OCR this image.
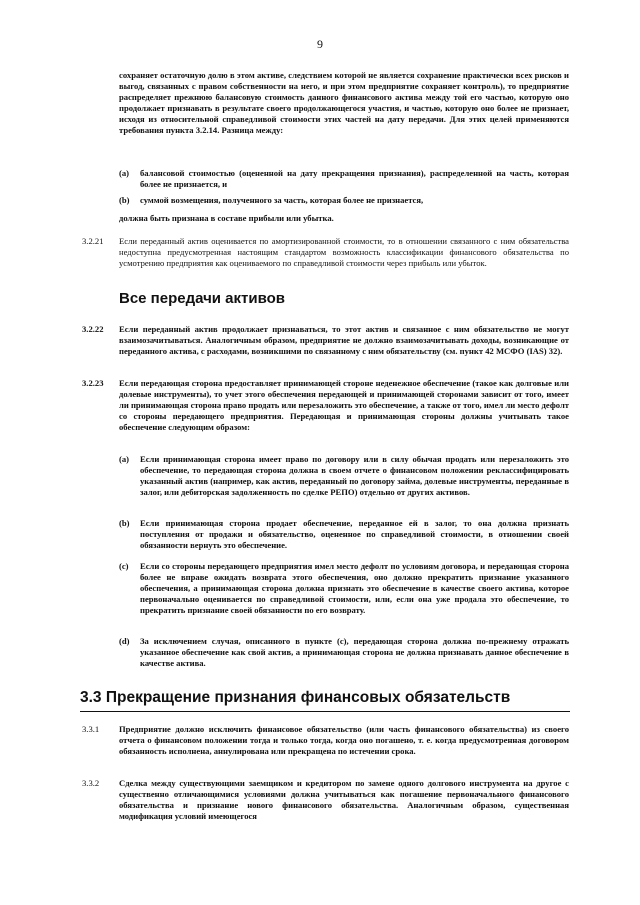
9
сохраняет остаточную долю в этом активе, следствием которой не является сохранение практически всех рисков и выгод, связанных с правом собственности на него, и при этом предприятие сохраняет контроль), то предприятие распределяет прежнюю балансовую стоимость данного финансового актива между той его частью, которую оно продолжает признавать в результате своего продолжающегося участия, и частью, которую оно более не признает, исходя из относительной справедливой стоимости этих частей на дату передачи. Для этих целей применяются требования пункта 3.2.14. Разница между:
(a) балансовой стоимостью (оцененной на дату прекращения признания), распределенной на часть, которая более не признается, и
(b) суммой возмещения, полученного за часть, которая более не признается,
должна быть признана в составе прибыли или убытка.
3.2.21 Если переданный актив оценивается по амортизированной стоимости, то в отношении связанного с ним обязательства недоступна предусмотренная настоящим стандартом возможность классификации финансового обязательства по усмотрению предприятия как оцениваемого по справедливой стоимости через прибыль или убыток.
Все передачи активов
3.2.22 Если переданный актив продолжает признаваться, то этот актив и связанное с ним обязательство не могут взаимозачитываться. Аналогичным образом, предприятие не должно взаимозачитывать доходы, возникающие от переданного актива, с расходами, возникшими по связанному с ним обязательству (см. пункт 42 МСФО (IAS) 32).
3.2.23 Если передающая сторона предоставляет принимающей стороне неденежное обеспечение (такое как долговые или долевые инструменты), то учет этого обеспечения передающей и принимающей сторонами зависит от того, имеет ли принимающая сторона право продать или перезаложить это обеспечение, а также от того, имел ли место дефолт со стороны передающего предприятия. Передающая и принимающая стороны должны учитывать такое обеспечение следующим образом:
(a) Если принимающая сторона имеет право по договору или в силу обычая продать или перезаложить это обеспечение, то передающая сторона должна в своем отчете о финансовом положении реклассифицировать указанный актив (например, как актив, переданный по договору займа, долевые инструменты, переданные в залог, или дебиторская задолженность по сделке РЕПО) отдельно от других активов.
(b) Если принимающая сторона продает обеспечение, переданное ей в залог, то она должна признать поступления от продажи и обязательство, оцененное по справедливой стоимости, в отношении своей обязанности вернуть это обеспечение.
(c) Если со стороны передающего предприятия имел место дефолт по условиям договора, и передающая сторона более не вправе ожидать возврата этого обеспечения, оно должно прекратить признание указанного обеспечения, а принимающая сторона должна признать это обеспечение в качестве своего актива, которое первоначально оценивается по справедливой стоимости, или, если она уже продала это обеспечение, то прекратить признание своей обязанности по его возврату.
(d) За исключением случая, описанного в пункте (c), передающая сторона должна по-прежнему отражать указанное обеспечение как свой актив, а принимающая сторона не должна признавать данное обеспечение в качестве актива.
3.3 Прекращение признания финансовых обязательств
3.3.1 Предприятие должно исключить финансовое обязательство (или часть финансового обязательства) из своего отчета о финансовом положении тогда и только тогда, когда оно погашено, т. е. когда предусмотренная договором обязанность исполнена, аннулирована или прекращена по истечении срока.
3.3.2 Сделка между существующими заемщиком и кредитором по замене одного долгового инструмента на другое с существенно отличающимися условиями должна учитываться как погашение первоначального финансового обязательства и признание нового финансового обязательства. Аналогичным образом, существенная модификация условий имеющегося
